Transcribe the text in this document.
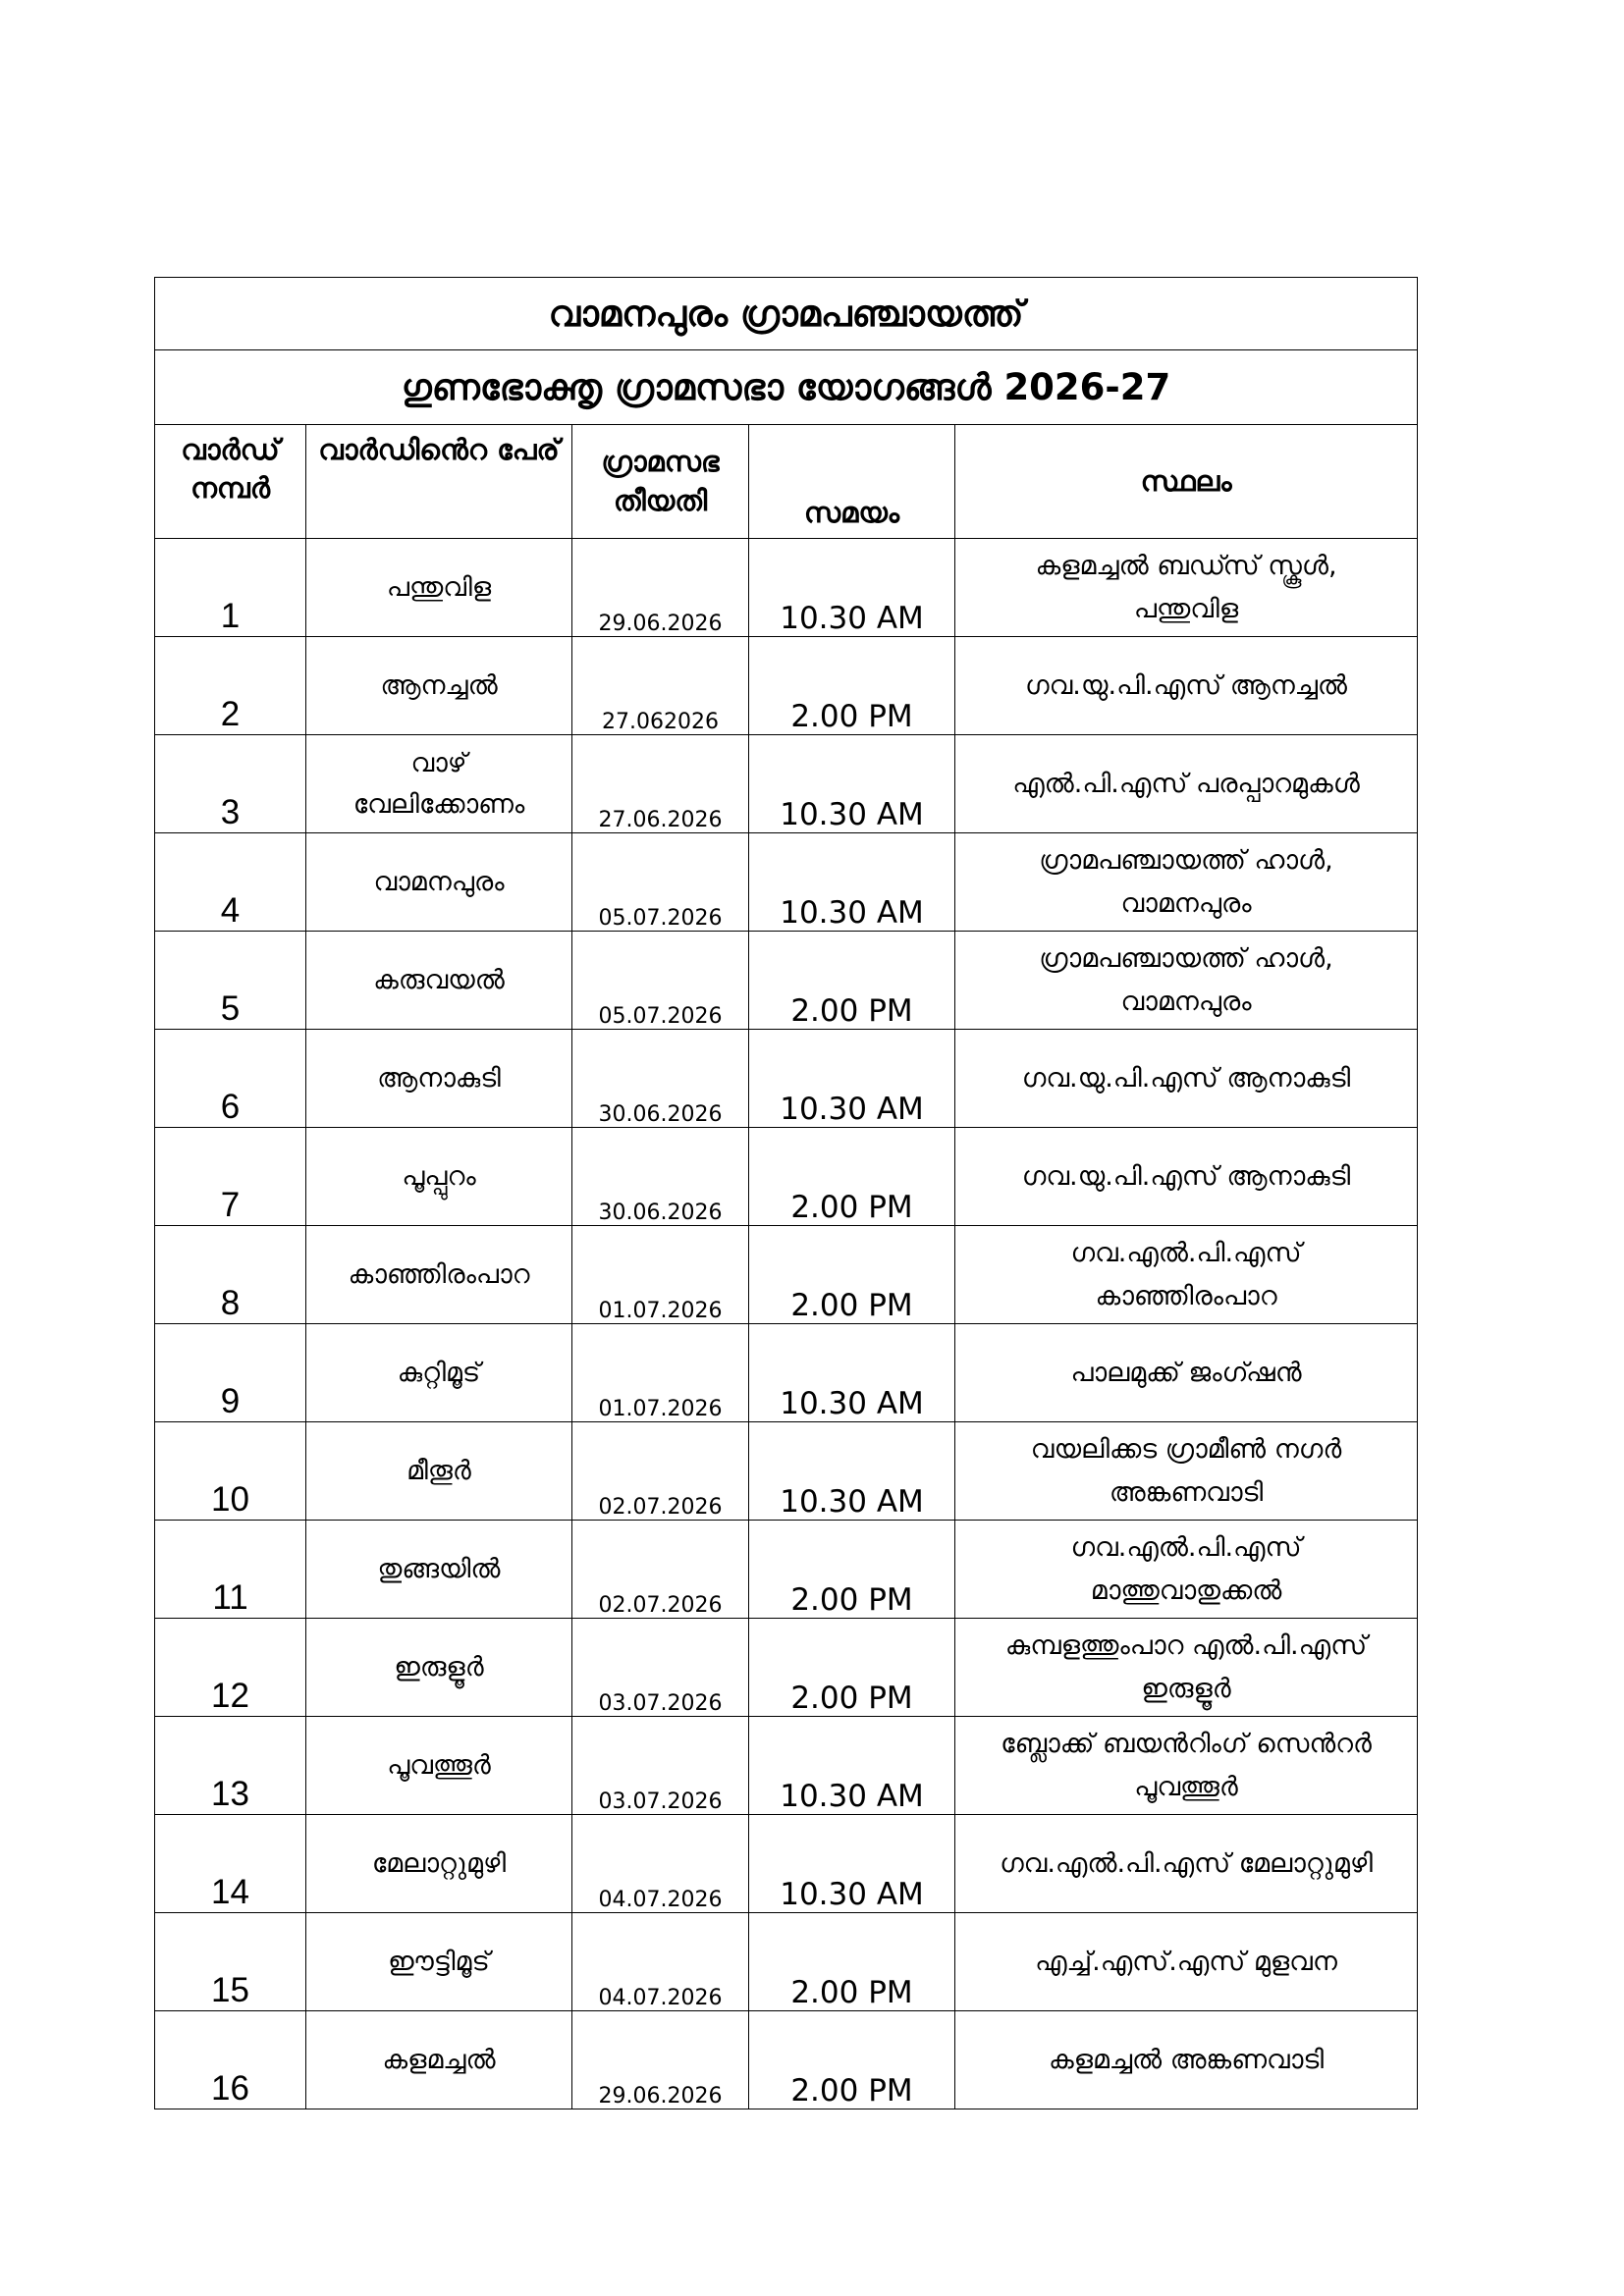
വാമനപുരം ഗ്രാമപഞ്ചായത്ത്				
ഗുണഭോക്തൃ ഗ്രാമസഭാ യോഗങ്ങൾ 2026-27				
വാർഡ് നമ്പർ	വാർഡിൻെറ പേര്	ഗ്രാമസഭ തീയതി	സമയം	സ്ഥലം
1	പന്തുവിള	29.06.2026	10.30 AM	കളമച്ചൽ ബഡ്സ് സ്കൂൾ,
പന്തുവിള
2	ആനച്ചൽ	27.062026	2.00 PM	ഗവ.യു.പി.എസ് ആനച്ചൽ
3	വാഴ് വേലിക്കോണം	27.06.2026	10.30 AM	എൽ.പി.എസ് പരപ്പാറമുകൾ
4	വാമനപുരം	05.07.2026	10.30 AM	ഗ്രാമപഞ്ചായത്ത് ഹാൾ,
വാമനപുരം
5	കരുവയൽ	05.07.2026	2.00 PM	ഗ്രാമപഞ്ചായത്ത് ഹാൾ,
വാമനപുരം
6	ആനാകുടി	30.06.2026	10.30 AM	ഗവ.യു.പി.എസ് ആനാകുടി
7	പൂപ്പുറം	30.06.2026	2.00 PM	ഗവ.യു.പി.എസ് ആനാകുടി
8	കാഞ്ഞിരംപാറ	01.07.2026	2.00 PM	ഗവ.എൽ.പി.എസ്
കാഞ്ഞിരംപാറ
9	കുറ്റിമൂട്	01.07.2026	10.30 AM	പാലമുക്ക് ജംഗ്ഷൻ
10	മീതൂർ	02.07.2026	10.30 AM	വയലിക്കട ഗ്രാമീൺ നഗർ
അങ്കണവാടി
11	തുങ്ങയിൽ	02.07.2026	2.00 PM	ഗവ.എൽ.പി.എസ്
മാത്തുവാതുക്കൽ
12	ഇരുളൂർ	03.07.2026	2.00 PM	കുമ്പളത്തുംപാറ എൽ.പി.എസ്
ഇരുളൂർ
13	പൂവത്തൂർ	03.07.2026	10.30 AM	ബ്ലോക്ക് ബയൻറിംഗ് സെൻറർ
പൂവത്തൂർ
14	മേലാറ്റുമുഴി	04.07.2026	10.30 AM	ഗവ.എൽ.പി.എസ് മേലാറ്റുമുഴി
15	ഈട്ടിമൂട്	04.07.2026	2.00 PM	എച്ച്.എസ്.എസ് മുളവന
16	കളമച്ചൽ	29.06.2026	2.00 PM	കളമച്ചൽ അങ്കണവാടി
